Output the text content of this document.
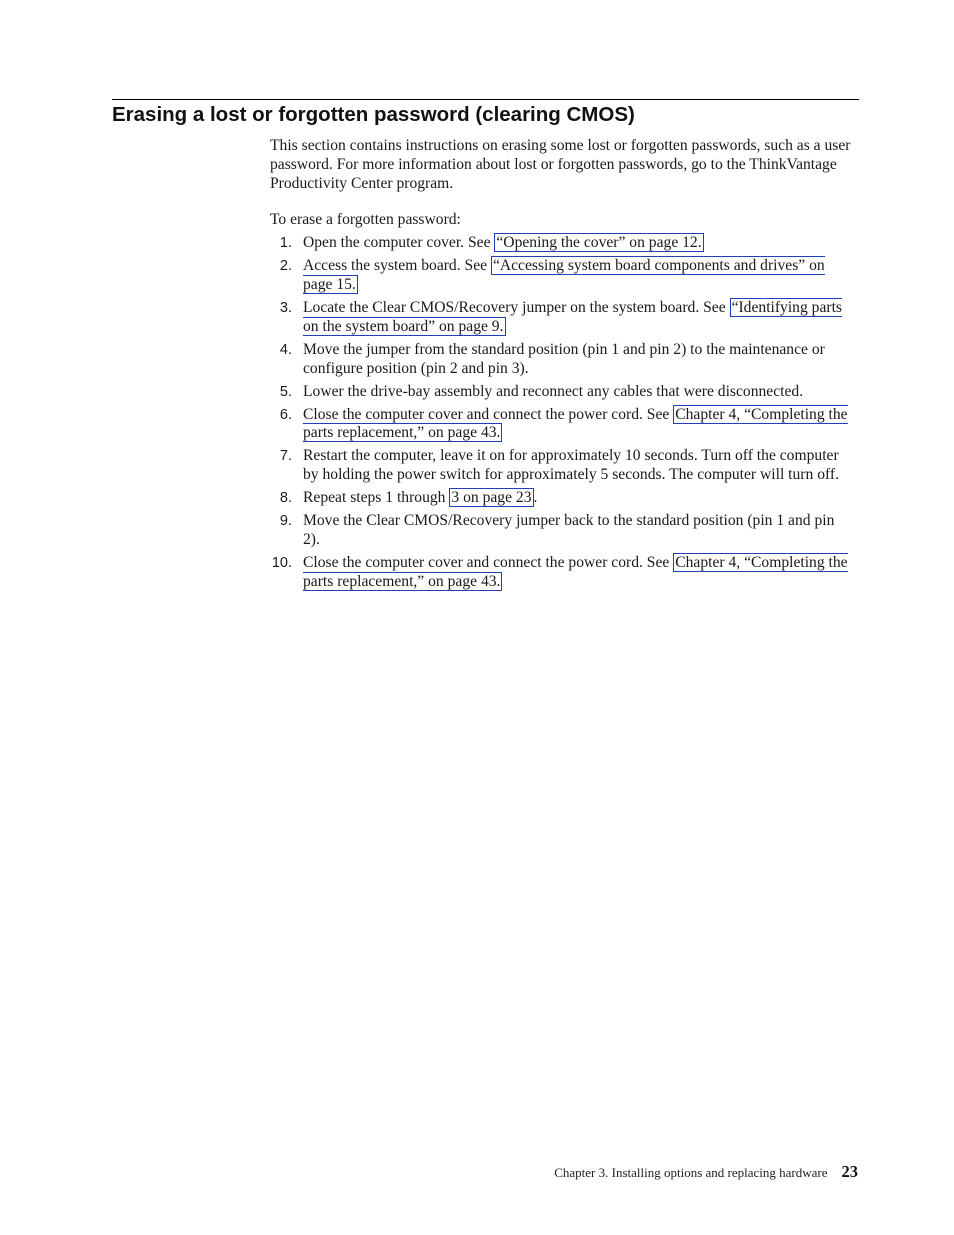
Erasing a lost or forgotten password (clearing CMOS)

This section contains instructions on erasing some lost or forgotten passwords, such as a user password. For more information about lost or forgotten passwords, go to the ThinkVantage Productivity Center program.

To erase a forgotten password:

1. Open the computer cover. See “Opening the cover” on page 12.
2. Access the system board. See “Accessing system board components and drives” on page 15.
3. Locate the Clear CMOS/Recovery jumper on the system board. See “Identifying parts on the system board” on page 9.
4. Move the jumper from the standard position (pin 1 and pin 2) to the maintenance or configure position (pin 2 and pin 3).
5. Lower the drive-bay assembly and reconnect any cables that were disconnected.
6. Close the computer cover and connect the power cord. See Chapter 4, “Completing the parts replacement,” on page 43.
7. Restart the computer, leave it on for approximately 10 seconds. Turn off the computer by holding the power switch for approximately 5 seconds. The computer will turn off.
8. Repeat steps 1 through 3 on page 23 .
9. Move the Clear CMOS/Recovery jumper back to the standard position (pin 1 and pin 2).
10. Close the computer cover and connect the power cord. See Chapter 4, “Completing the parts replacement,” on page 43.
Chapter 3. Installing options and replacing hardware 23
